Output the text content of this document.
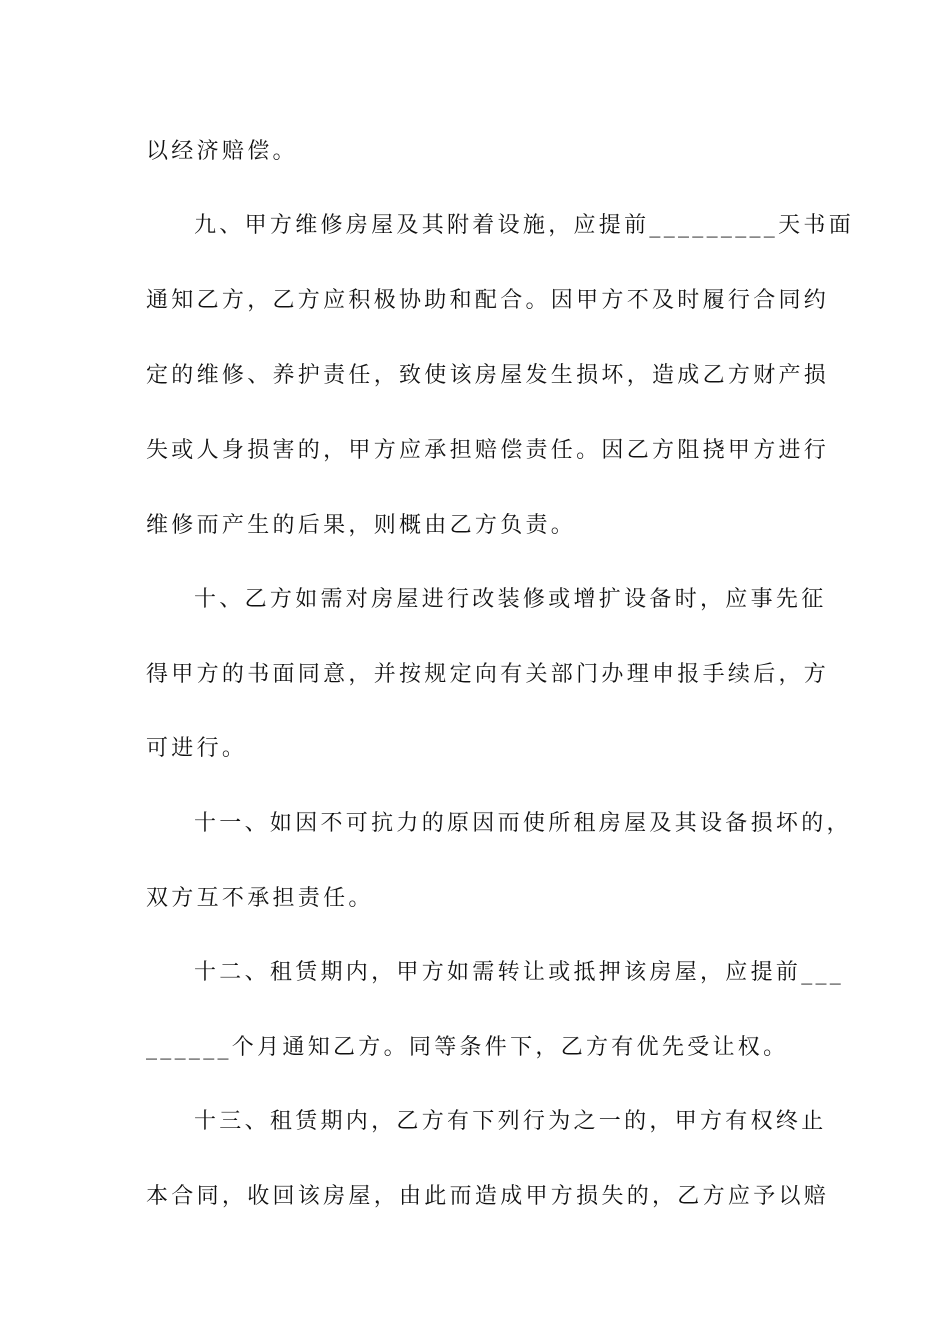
以经济赔偿。
九、甲方维修房屋及其附着设施，应提前_________天书面
通知乙方，乙方应积极协助和配合。因甲方不及时履行合同约
定的维修、养护责任，致使该房屋发生损坏，造成乙方财产损
失或人身损害的，甲方应承担赔偿责任。因乙方阻挠甲方进行
维修而产生的后果，则概由乙方负责。
十、乙方如需对房屋进行改装修或增扩设备时，应事先征
得甲方的书面同意，并按规定向有关部门办理申报手续后，方
可进行。
十一、如因不可抗力的原因而使所租房屋及其设备损坏的，
双方互不承担责任。
十二、租赁期内，甲方如需转让或抵押该房屋，应提前___
______个月通知乙方。同等条件下，乙方有优先受让权。
十三、租赁期内，乙方有下列行为之一的，甲方有权终止
本合同，收回该房屋，由此而造成甲方损失的，乙方应予以赔
